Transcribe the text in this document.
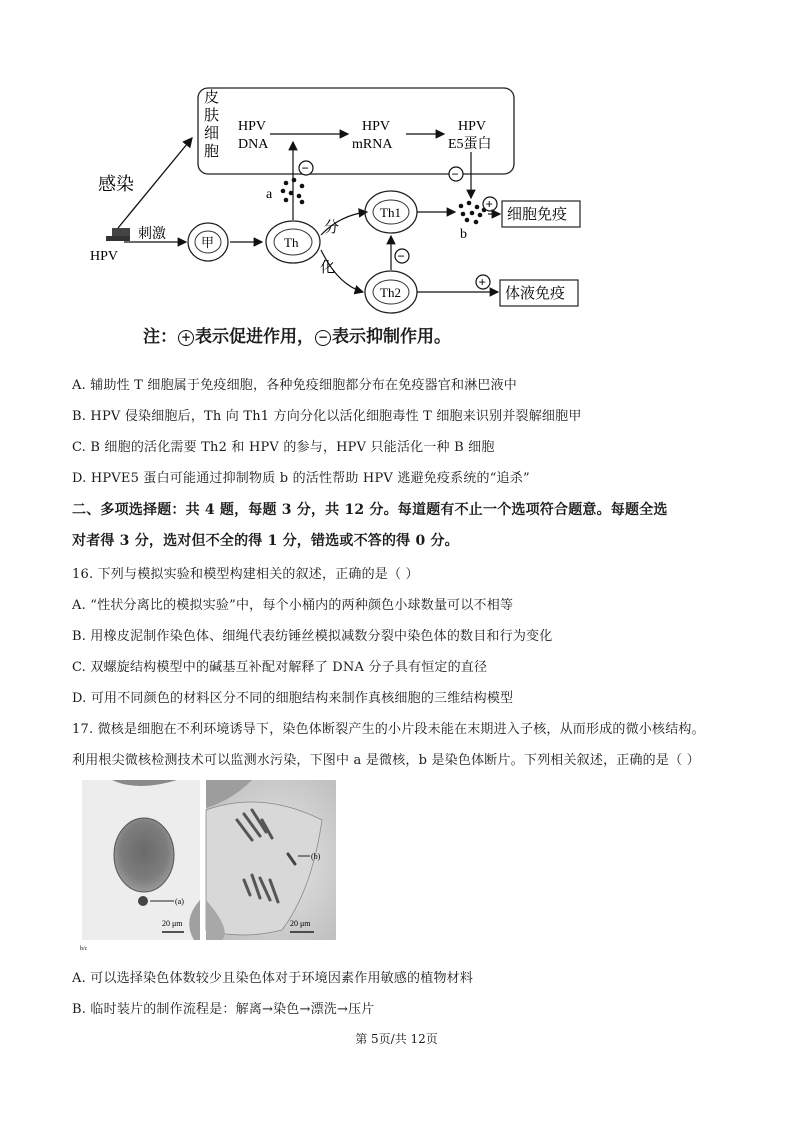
皮肤细胞
HPV
DNA
HPV
mRNA
HPV
E5蛋白
感染
HPV
刺激
甲	Th
a
−
分
化
Th1
Th2
−
−
b
+
细胞免疫
+
体液免疫
注： + 表示促进作用， − 表示抑制作用。
A. 辅助性 T 细胞属于免疫细胞，各种免疫细胞都分布在免疫器官和淋巴液中
B. HPV 侵染细胞后，Th 向 Th1 方向分化以活化细胞毒性 T 细胞来识别并裂解细胞甲
C. B 细胞的活化需要 Th2 和 HPV 的参与，HPV 只能活化一种 B 细胞
D. HPVE5 蛋白可能通过抑制物质 b 的活性帮助 HPV 逃避免疫系统的“追杀”
二、多项选择题：共 4 题，每题 3 分，共 12 分。每道题有不止一个选项符合题意。每题全选
对者得 3 分，选对但不全的得 1 分，错选或不答的得 0 分。
16. 下列与模拟实验和模型构建相关的叙述，正确的是（ ）
A. “性状分离比的模拟实验”中，每个小桶内的两种颜色小球数量可以不相等
B. 用橡皮泥制作染色体、细绳代表纺锤丝模拟减数分裂中染色体的数目和行为变化
C. 双螺旋结构模型中的碱基互补配对解释了 DNA 分子具有恒定的直径
D. 可用不同颜色的材料区分不同的细胞结构来制作真核细胞的三维结构模型
17. 微核是细胞在不利环境诱导下，染色体断裂产生的小片段未能在末期进入子核，从而形成的微小核结构。
利用根尖微核检测技术可以监测水污染，下图中 a 是微核，b 是染色体断片。下列相关叙述，正确的是（ ）
(a)
20 μm
b/c
(b)
20 μm
A. 可以选择染色体数较少且染色体对于环境因素作用敏感的植物材料
B. 临时装片的制作流程是：解离→染色→漂洗→压片
第 5页/共 12页
